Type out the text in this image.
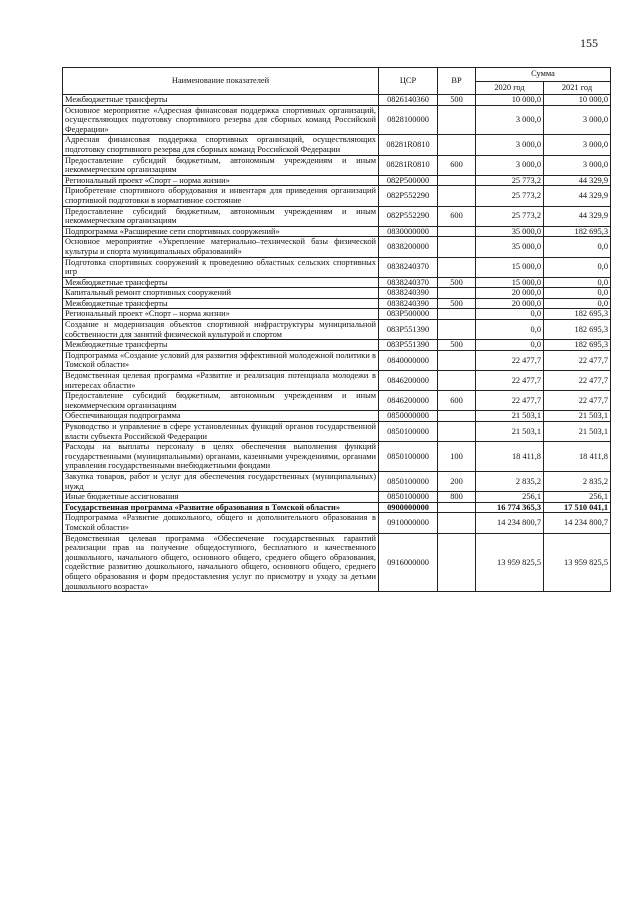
155
Наименование показателей	ЦСР	ВР	Сумма	
			2020 год	2021 год
Межбюджетные трансферты	0826140360	500	10 000,0	10 000,0
Основное мероприятие «Адресная финансовая поддержка спортивных организаций, осуществляющих подготовку спортивного резерва для сборных команд Российской Федерации»	0828100000		3 000,0	3 000,0
Адресная финансовая поддержка спортивных организаций, осуществляющих подготовку спортивного резерва для сборных команд Российской Федерации	08281R0810		3 000,0	3 000,0
Предоставление субсидий бюджетным, автономным учреждениям и иным некоммерческим организациям	08281R0810	600	3 000,0	3 000,0
Региональный проект «Спорт – норма жизни»	082P500000		25 773,2	44 329,9
Приобретение спортивного оборудования и инвентаря для приведения организаций спортивной подготовки в нормативное состояние	082P552290		25 773,2	44 329,9
Предоставление субсидий бюджетным, автономным учреждениям и иным некоммерческим организациям	082P552290	600	25 773,2	44 329,9
Подпрограмма «Расширение сети спортивных сооружений»	0830000000		35 000,0	182 695,3
Основное мероприятие «Укрепление материально–технической базы физической культуры и спорта муниципальных образований»	0838200000		35 000,0	0,0
Подготовка спортивных сооружений к проведению областных сельских спортивных игр	0838240370		15 000,0	0,0
Межбюджетные трансферты	0838240370	500	15 000,0	0,0
Капитальный ремонт спортивных сооружений	0838240390		20 000,0	0,0
Межбюджетные трансферты	0838240390	500	20 000,0	0,0
Региональный проект «Спорт – норма жизни»	083P500000		0,0	182 695,3
Создание и модернизация объектов спортивной инфраструктуры муниципальной собственности для занятий физической культурой и спортом	083P551390		0,0	182 695,3
Межбюджетные трансферты	083P551390	500	0,0	182 695,3
Подпрограмма «Создание условий для развития эффективной молодежной политики в Томской области»	0840000000		22 477,7	22 477,7
Ведомственная целевая программа «Развитие и реализация потенциала молодежи в интересах области»	0846200000		22 477,7	22 477,7
Предоставление субсидий бюджетным, автономным учреждениям и иным некоммерческим организациям	0846200000	600	22 477,7	22 477,7
Обеспечивающая подпрограмма	0850000000		21 503,1	21 503,1
Руководство и управление в сфере установленных функций органов государственной власти субъекта Российской Федерации	0850100000		21 503,1	21 503,1
Расходы на выплаты персоналу в целях обеспечения выполнения функций государственными (муниципальными) органами, казенными учреждениями, органами управления государственными внебюджетными фондами	0850100000	100	18 411,8	18 411,8
Закупка товаров, работ и услуг для обеспечения государственных (муниципальных) нужд	0850100000	200	2 835,2	2 835,2
Иные бюджетные ассигнования	0850100000	800	256,1	256,1
Государственная программа «Развитие образования в Томской области»	0900000000		16 774 365,3	17 510 041,1
Подпрограмма «Развитие дошкольного, общего и дополнительного образования в Томской области»	0910000000		14 234 800,7	14 234 800,7
Ведомственная целевая программа «Обеспечение государственных гарантий реализации прав на получение общедоступного, бесплатного и качественного дошкольного, начального общего, основного общего, среднего общего образования, содействие развитию дошкольного, начального общего, основного общего, среднего общего образования и форм предоставления услуг по присмотру и уходу за детьми дошкольного возраста»	0916000000		13 959 825,5	13 959 825,5
